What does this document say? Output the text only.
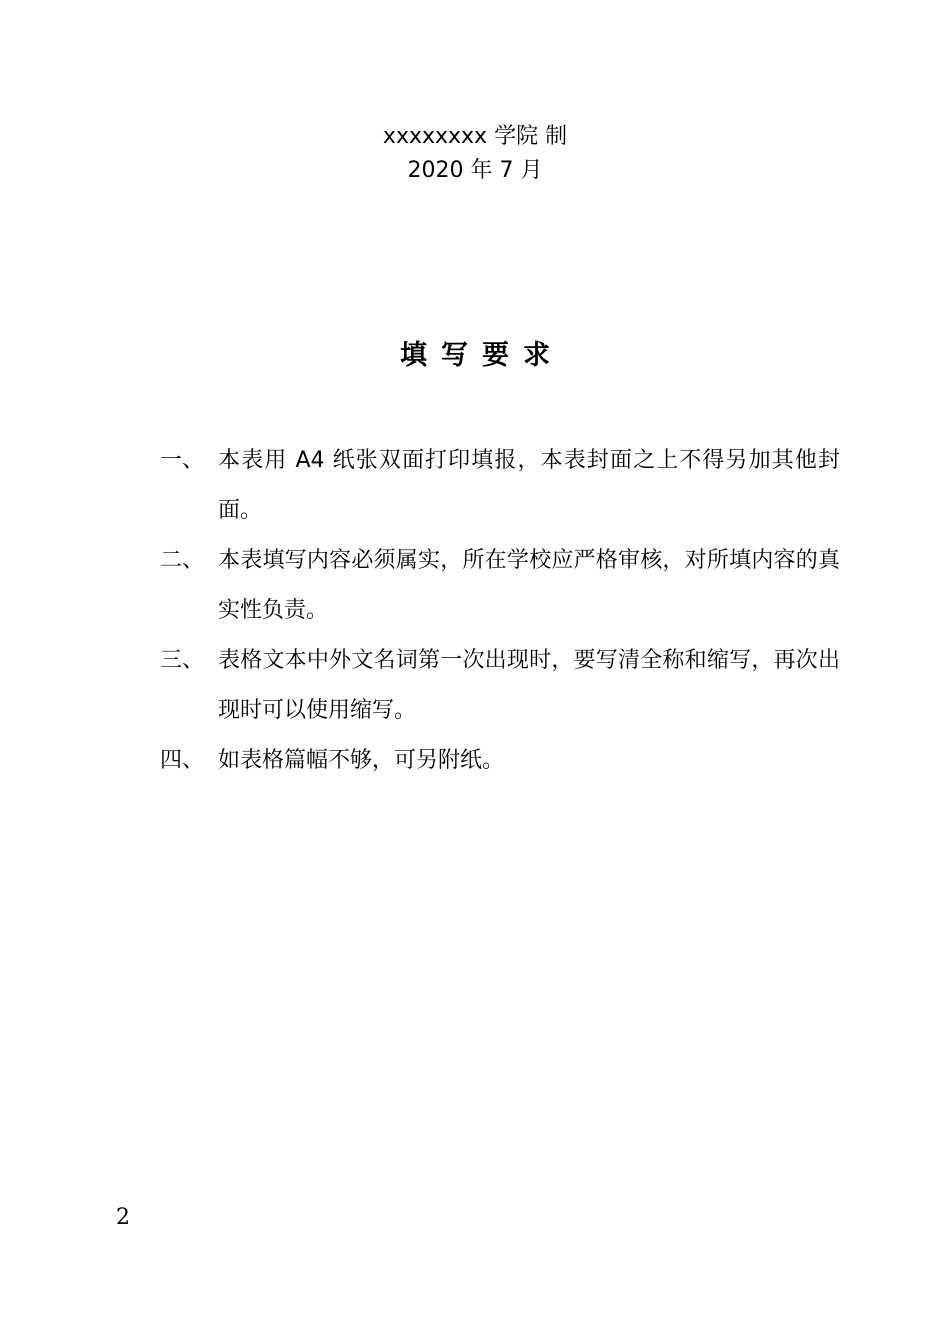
xxxxxxxx 学院 制
2020 年 7 月
填写要求
一、 本表用 A4 纸张双面打印填报，本表封面之上不得另加其他封面。
二、 本表填写内容必须属实，所在学校应严格审核，对所填内容的真实性负责。
三、 表格文本中外文名词第一次出现时，要写清全称和缩写，再次出现时可以使用缩写。
四、 如表格篇幅不够，可另附纸。
2
